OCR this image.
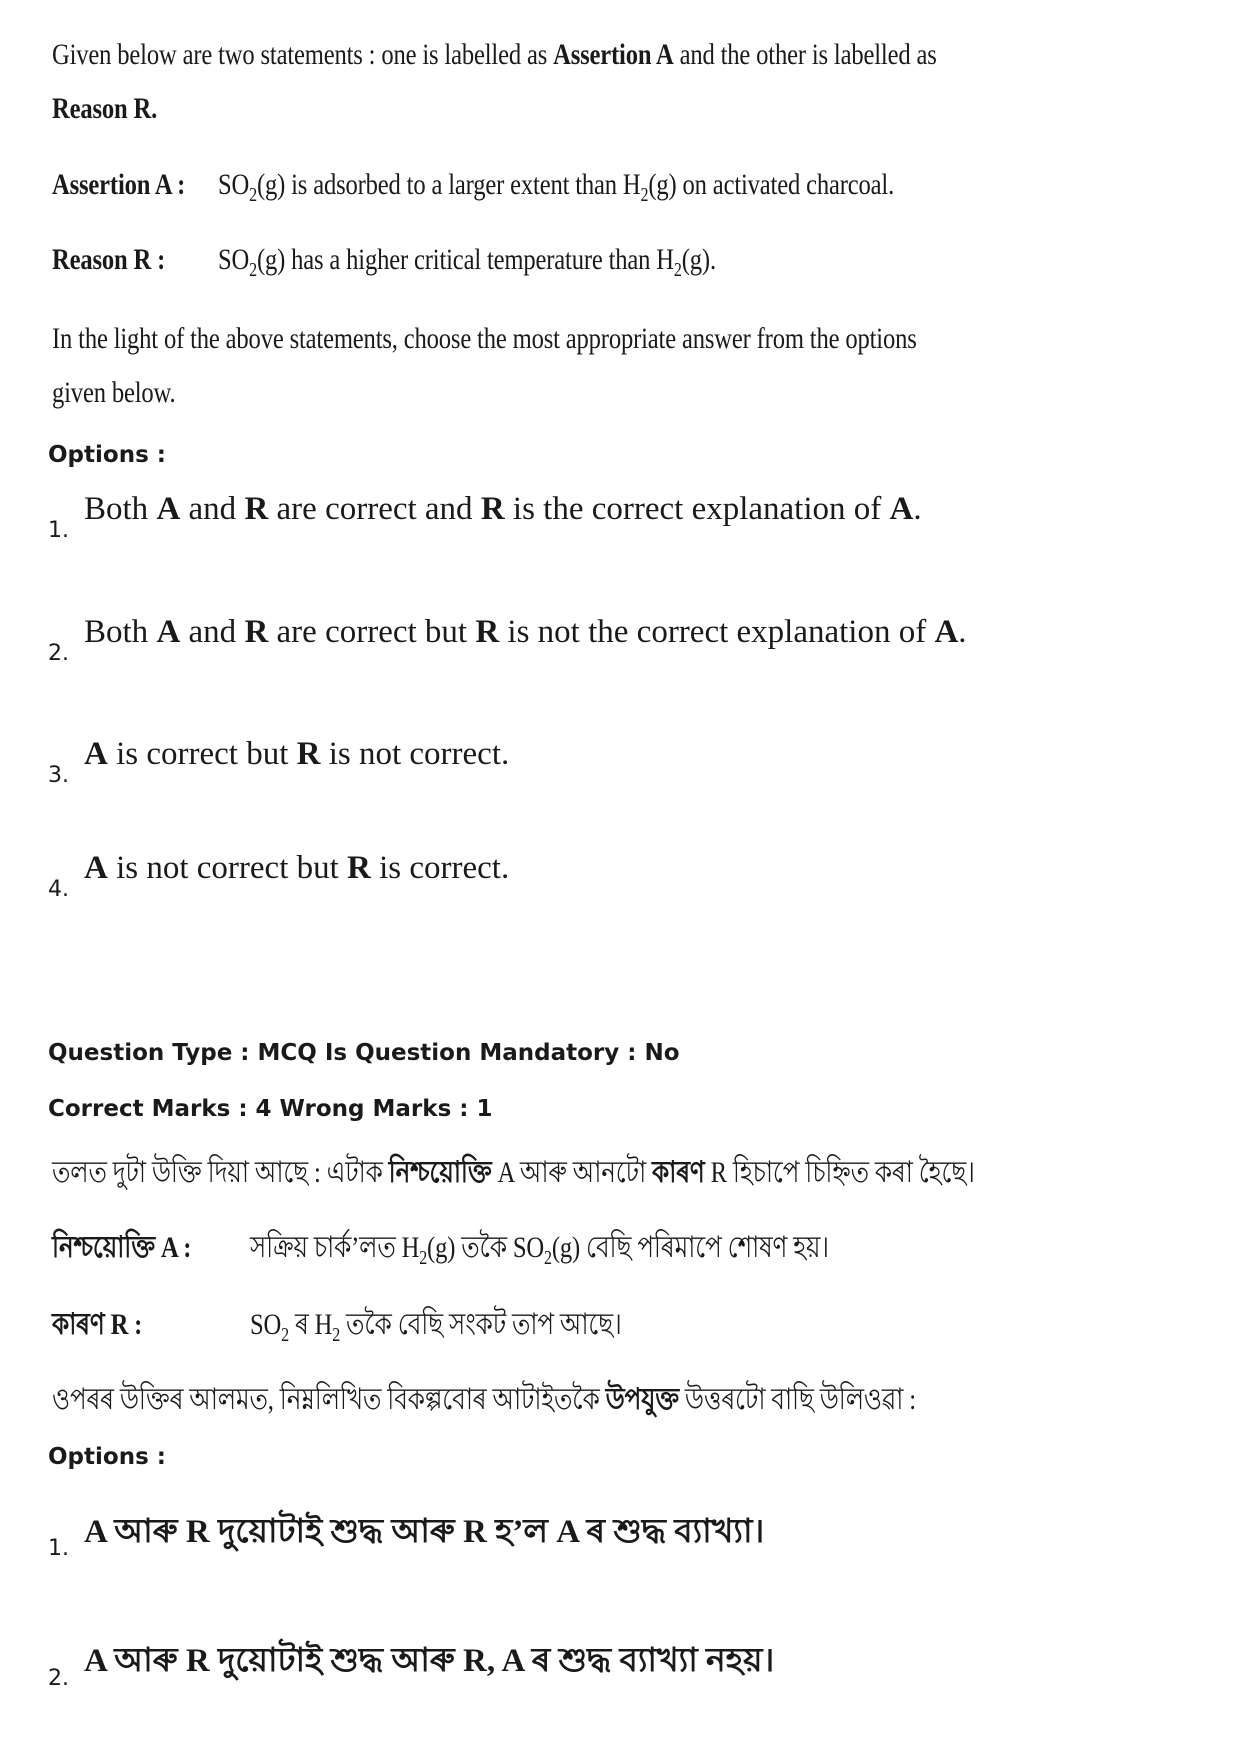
Given below are two statements : one is labelled as Assertion A and the other is labelled as
Reason R.
Assertion A : $SO_2(g)$ is adsorbed to a larger extent than $H_2(g)$ on activated charcoal.
Reason R : $SO_2(g)$ has a higher critical temperature than $H_2(g)$.
In the light of the above statements, choose the most appropriate answer from the options
given below.
Options :
1.
Both A and R are correct and R is the correct explanation of A.
2.
Both A and R are correct but R is not the correct explanation of A.
3.
A is correct but R is not correct.
4.
A is not correct but R is correct.
Question Type : MCQ Is Question Mandatory : No
Correct Marks : 4 Wrong Marks : 1
তলত দুটা উক্তি দিয়া আছে : এটাক নিশ্চয়োক্তি A আৰু আনটো কাৰণ R হিচাপে চিহ্নিত কৰা হৈছে।
নিশ্চয়োক্তি A : সক্ৰিয় চাৰ্ক’লত $H_2(g)$ তকৈ $SO_2(g)$ বেছি পৰিমাপে শোষণ হয়।
কাৰণ R :	$SO_2$ ৰ $H_2$ তকৈ বেছি সংকট তাপ আছে।
ওপৰৰ উক্তিৰ আলমত, নিম্নলিখিত বিকল্পবোৰ আটাইতকৈ উপযুক্ত উত্তৰটো বাছি উলিওৱা :
Options :
1. A আৰু R দুয়োটাই শুদ্ধ আৰু R হ’ল A ৰ শুদ্ধ ব্যাখ্যা।
2. A আৰু R দুয়োটাই শুদ্ধ আৰু R, A ৰ শুদ্ধ ব্যাখ্যা নহয়।
